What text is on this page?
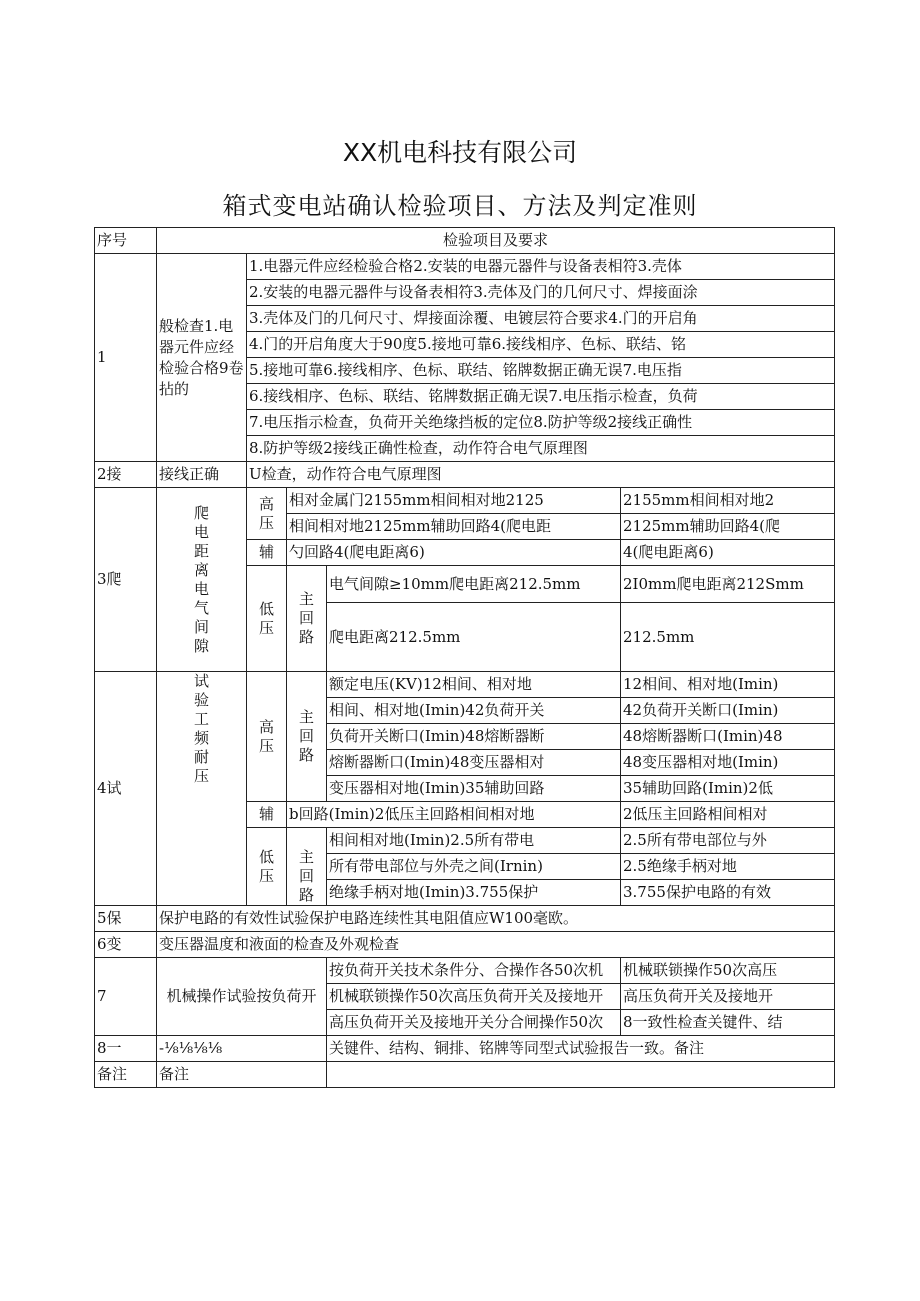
XX机电科技有限公司
箱式变电站确认检验项目、方法及判定准则
序号	检验项目及要求				
1	般检查1.电器元件应经检验合格9卷拈的	1.电器元件应经检验合格2.安装的电器元器件与设备表相符3.壳体			
		2.安装的电器元器件与设备表相符3.壳体及门的几何尺寸、焊接面涂			
		3.壳体及门的几何尺寸、焊接面涂覆、电镀层符合要求4.门的开启角			
		4.门的开启角度大于90度5.接地可靠6.接线相序、色标、联结、铭			
		5.接地可靠6.接线相序、色标、联结、铭牌数据正确无误7.电压指			
		6.接线相序、色标、联结、铭牌数据正确无误7.电压指示检查，负荷			
		7.电压指示检查，负荷开关绝缘挡板的定位8.防护等级2接线正确性			
		8.防护等级2接线正确性检查，动作符合电气原理图			
2接	接线正确	U检查，动作符合电气原理图			
3爬	爬电距离电气间隙	高压	相对金属门2155mm相间相对地2125		2155mm相间相对地2
			相间相对地2125mm辅助回路4(爬电距		2125mm辅助回路4(爬
		辅	勺回路4(爬电距离6)		4(爬电距离6)
		低压	主回路	电气间隙≥10mm爬电距离212.5mm	2I0mm爬电距离212Smm
				爬电距离212.5mm	212.5mm
4试	试验工频耐压	高压	主回路	额定电压(KV)12相间、相对地	12相间、相对地(Imin)
				相间、相对地(Imin)42负荷开关	42负荷开关断口(Imin)
				负荷开关断口(Imin)48熔断器断	48熔断器断口(Imin)48
				熔断器断口(Imin)48变压器相对	48变压器相对地(Imin)
				变压器相对地(Imin)35辅助回路	35辅助回路(Imin)2低
		辅	b回路(Imin)2低压主回路相间相对地		2低压主回路相间相对
		低压	主回路	相间相对地(Imin)2.5所有带电	2.5所有带电部位与外
				所有带电部位与外壳之间(Irnin)	2.5绝缘手柄对地
				绝缘手柄对地(Imin)3.755保护	3.755保护电路的有效
5保	保护电路的有效性试验保护电路连续性其电阻值应W100毫欧。				
6变	变压器温度和液面的检查及外观检查				
7	机械操作试验按负荷开			按负荷开关技术条件分、合操作各50次机	机械联锁操作50次高压
				机械联锁操作50次高压负荷开关及接地开	高压负荷开关及接地开
				高压负荷开关及接地开关分合闸操作50次	8一致性检查关键件、结
8一	-⅛⅛⅛⅛			关键件、结构、铜排、铭牌等同型式试验报告一致。备注	
备注	备注				
